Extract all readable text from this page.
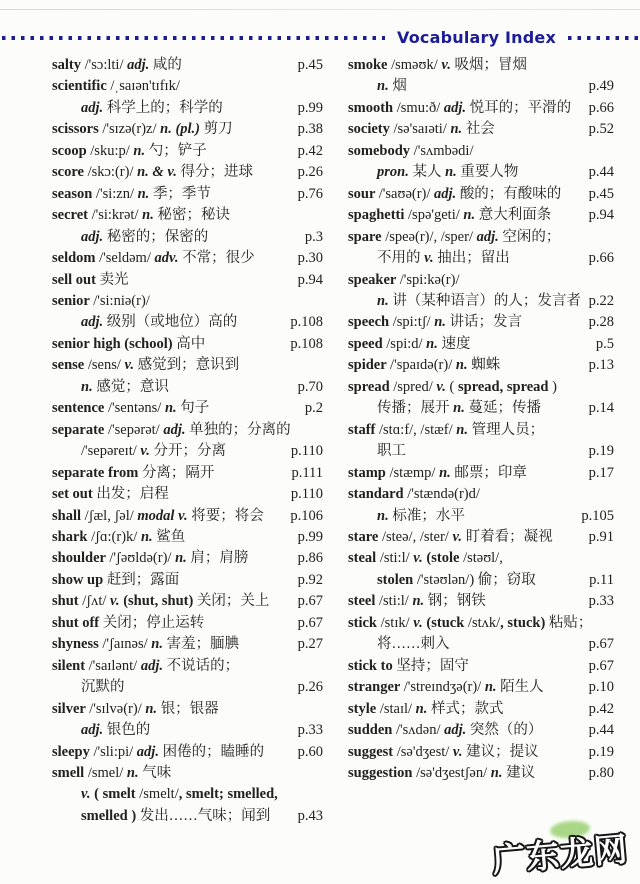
Vocabulary Index
salty /'sɔ:lti/ adj. 咸的	p.45
scientific /ˌsaɪən'tɪfɪk/
adj. 科学上的；科学的	p.99
scissors /'sɪzə(r)z/ n. (pl.) 剪刀	p.38
scoop /sku:p/ n. 勺；铲子	p.42
score /skɔ:(r)/ n. & v. 得分；进球	p.26
season /'si:zn/ n. 季；季节	p.76
secret /'si:krət/ n. 秘密；秘诀
adj. 秘密的；保密的	p.3
seldom /'seldəm/ adv. 不常；很少	p.30
sell out 卖光	p.94
senior /'si:niə(r)/
adj. 级别（或地位）高的	p.108
senior high (school) 高中	p.108
sense /sens/ v. 感觉到；意识到
n. 感觉；意识	p.70
sentence /'sentəns/ n. 句子	p.2
separate /'sepərət/ adj. 单独的；分离的
/'sepəreɪt/ v. 分开；分离	p.110
separate from 分离；隔开	p.111
set out 出发；启程	p.110
shall /ʃæl, ʃəl/ modal v. 将要；将会 p.106
shark /ʃɑ:(r)k/ n. 鲨鱼	p.99
shoulder /'ʃəʊldə(r)/ n. 肩；肩膀	p.86
show up 赶到；露面	p.92
shut /ʃʌt/ v. (shut, shut) 关闭；关上 p.67
shut off 关闭；停止运转	p.67
shyness /'ʃaɪnəs/ n. 害羞；腼腆	p.27
silent /'saɪlənt/ adj. 不说话的；
沉默的	p.26
silver /'sɪlvə(r)/ n. 银；银器
adj. 银色的	p.33
sleepy /'sli:pi/ adj. 困倦的；瞌睡的 p.60
smell /smel/ n. 气味
v. ( smelt /smelt/, smelt; smelled,
smelled ) 发出……气味；闻到 p.43
smoke /sməʊk/ v. 吸烟；冒烟
n. 烟	p.49
smooth /smu:ð/ adj. 悦耳的；平滑的 p.66
society /sə'saɪəti/ n. 社会	p.52
somebody /'sʌmbədi/
pron. 某人 n. 重要人物	p.44
sour /'saʊə(r)/ adj. 酸的；有酸味的 p.45
spaghetti /spə'geti/ n. 意大利面条	p.94
spare /speə(r)/, /sper/ adj. 空闲的；
不用的 v. 抽出；留出	p.66
speaker /'spi:kə(r)/
n. 讲（某种语言）的人；发言者 p.22
speech /spi:tʃ/ n. 讲话；发言	p.28
speed /spi:d/ n. 速度	p.5
spider /'spaɪdə(r)/ n. 蜘蛛	p.13
spread /spred/ v. ( spread, spread )
传播；展开 n. 蔓延；传播	p.14
staff /stɑ:f/, /stæf/ n. 管理人员；
职工	p.19
stamp /stæmp/ n. 邮票；印章	p.17
standard /'stændə(r)d/
n. 标准；水平	p.105
stare /steə/, /ster/ v. 盯着看；凝视 p.91
steal /sti:l/ v. (stole /stəʊl/,
stolen /'stəʊlən/) 偷；窃取	p.11
steel /sti:l/ n. 钢；钢铁	p.33
stick /stɪk/ v. (stuck /stʌk/, stuck) 粘贴；
将……刺入	p.67
stick to 坚持；固守	p.67
stranger /'streɪndʒə(r)/ n. 陌生人	p.10
style /staɪl/ n. 样式；款式	p.42
sudden /'sʌdən/ adj. 突然（的）	p.44
suggest /sə'dʒest/ v. 建议；提议	p.19
suggestion /sə'dʒestʃən/ n. 建议	p.80
广东龙网
